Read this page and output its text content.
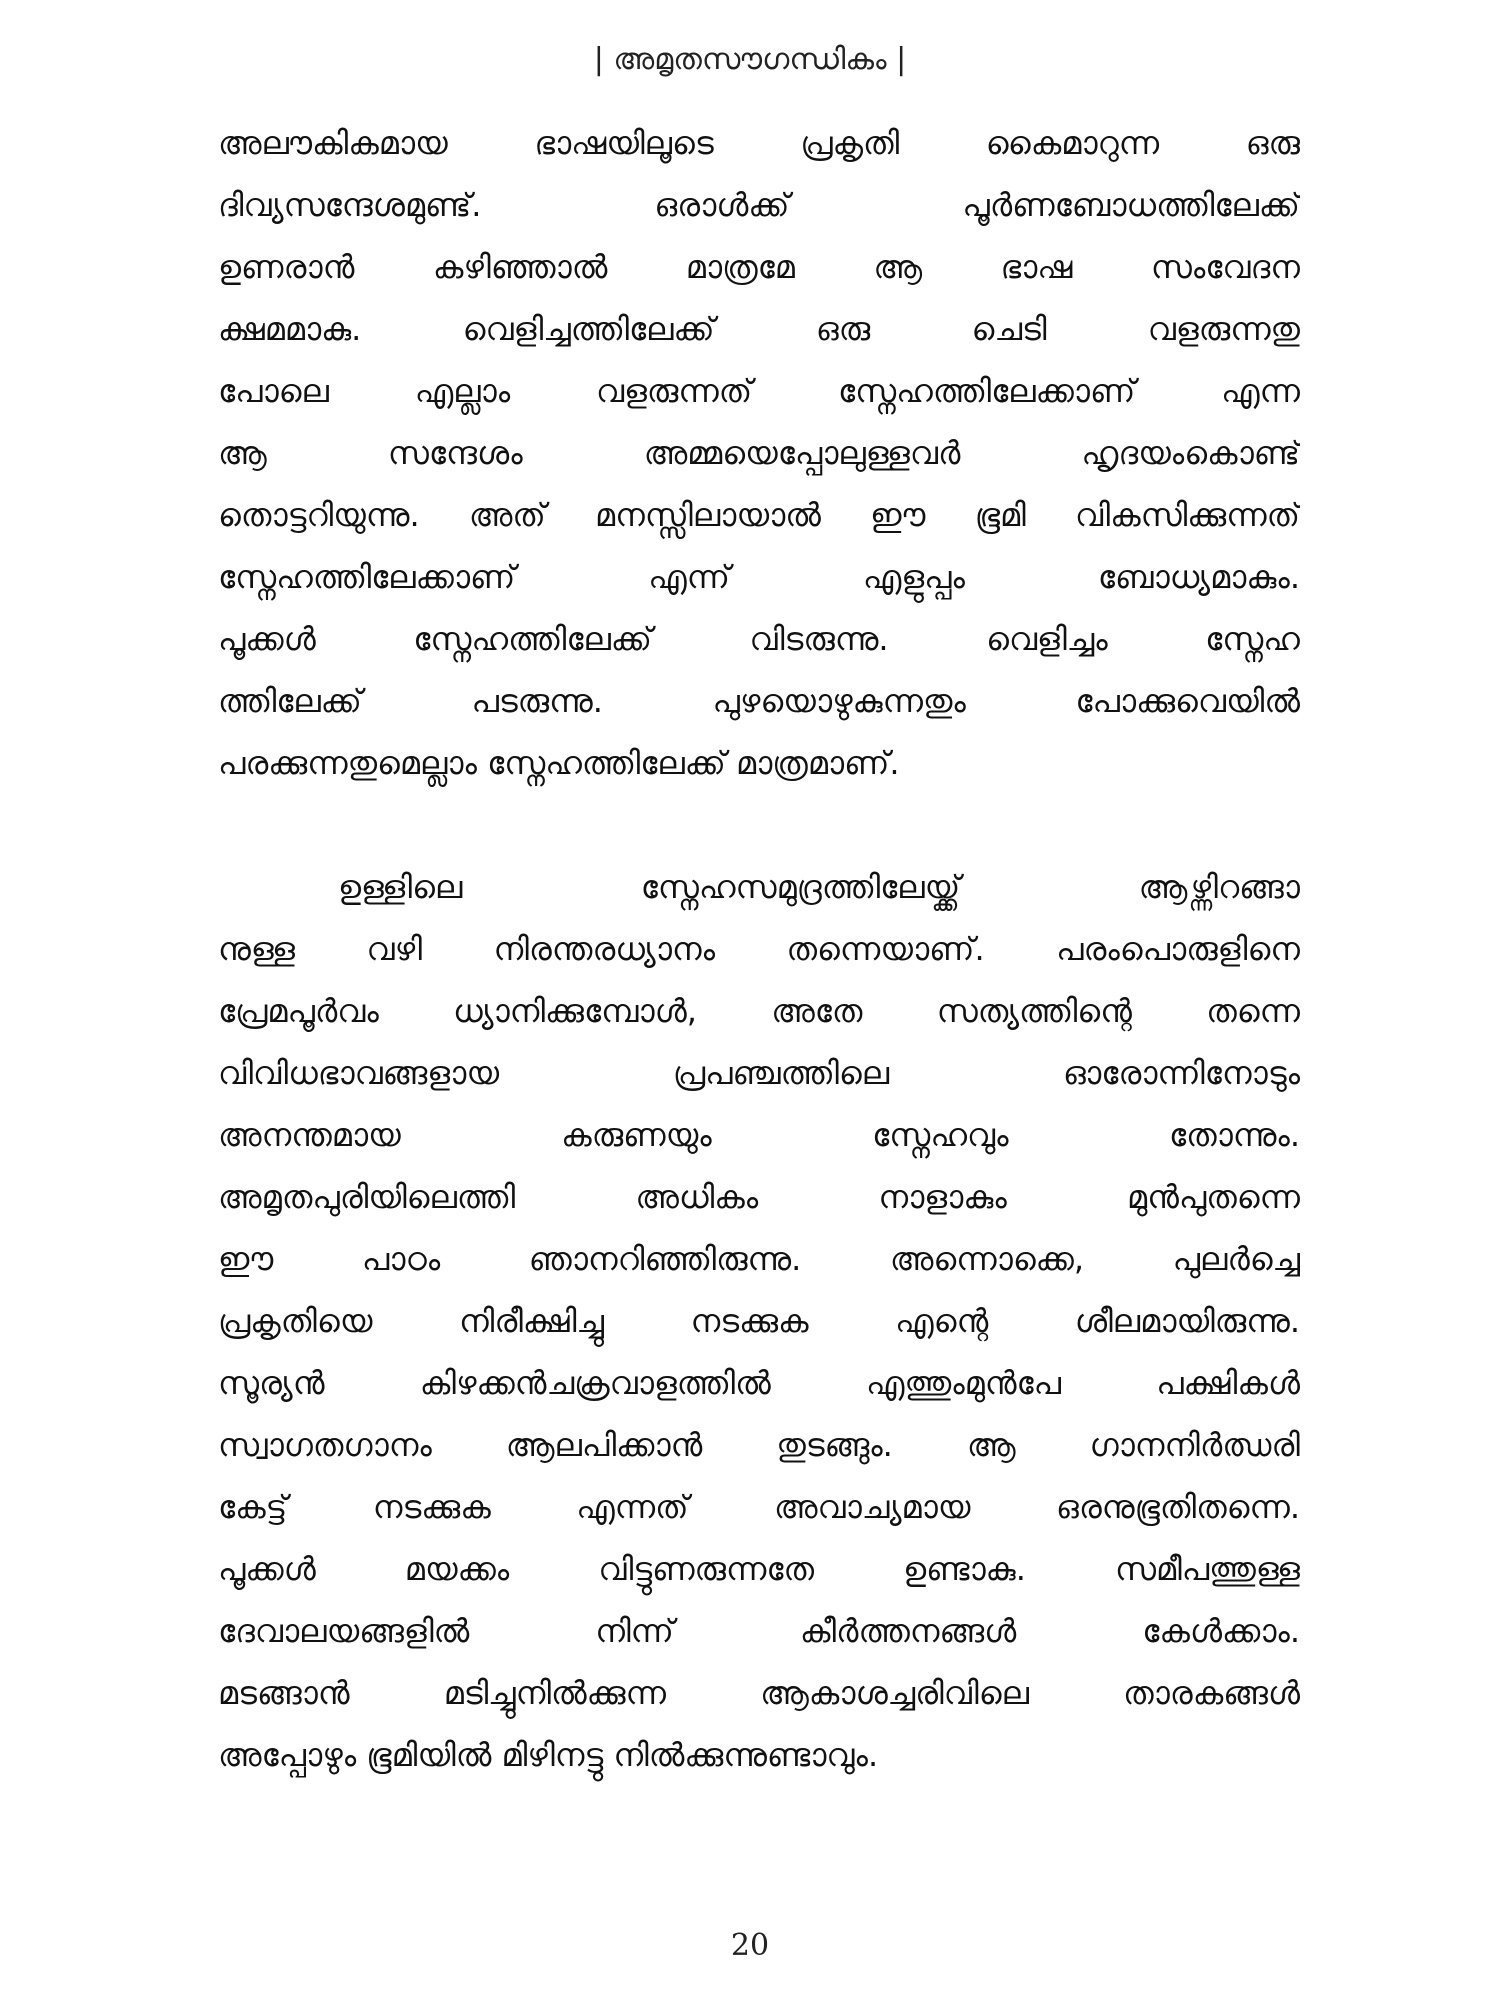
| അമൃതസൗഗന്ധികം |
അലൗകികമായ ഭാഷയിലൂടെ പ്രകൃതി കൈമാറുന്ന ഒരു
ദിവ്യസന്ദേശമുണ്ട്. ഒരാൾക്ക് പൂർണബോധത്തിലേക്ക്
ഉണരാൻ കഴിഞ്ഞാൽ മാത്രമേ ആ ഭാഷ സംവേദന
ക്ഷമമാകു. വെളിച്ചത്തിലേക്ക് ഒരു ചെടി വളരുന്നതു
പോലെ എല്ലാം വളരുന്നത് സ്നേഹത്തിലേക്കാണ് എന്ന
ആ സന്ദേശം അമ്മയെപ്പോലുള്ളവർ ഹൃദയംകൊണ്ട്
തൊട്ടറിയുന്നു. അത് മനസ്സിലായാൽ ഈ ഭൂമി വികസിക്കുന്നത്
സ്നേഹത്തിലേക്കാണ് എന്ന് എളുപ്പം ബോധ്യമാകും.
പൂക്കൾ സ്നേഹത്തിലേക്ക് വിടരുന്നു. വെളിച്ചം സ്നേഹ
ത്തിലേക്ക് പടരുന്നു. പുഴയൊഴുകുന്നതും പോക്കുവെയിൽ
പരക്കുന്നതുമെല്ലാം സ്നേഹത്തിലേക്ക് മാത്രമാണ്.
ഉള്ളിലെ സ്നേഹസമുദ്രത്തിലേയ്ക്ക് ആഴ്ന്നിറങ്ങാ
നുള്ള വഴി നിരന്തരധ്യാനം തന്നെയാണ്. പരംപൊരുളിനെ
പ്രേമപൂർവം ധ്യാനിക്കുമ്പോൾ, അതേ സത്യത്തിന്റെ തന്നെ
വിവിധഭാവങ്ങളായ പ്രപഞ്ചത്തിലെ ഓരോന്നിനോടും
അനന്തമായ കരുണയും സ്നേഹവും തോന്നും.
അമൃതപുരിയിലെത്തി അധികം നാളാകും മുൻപുതന്നെ
ഈ പാഠം ഞാനറിഞ്ഞിരുന്നു. അന്നൊക്കെ, പുലർച്ചെ
പ്രകൃതിയെ നിരീക്ഷിച്ചു നടക്കുക എന്റെ ശീലമായിരുന്നു.
സൂര്യൻ കിഴക്കൻചക്രവാളത്തിൽ എത്തുംമുൻപേ പക്ഷികൾ
സ്വാഗതഗാനം ആലപിക്കാൻ തുടങ്ങും. ആ ഗാനനിർഝരി
കേട്ട് നടക്കുക എന്നത് അവാച്യമായ ഒരനുഭൂതിതന്നെ.
പൂക്കൾ മയക്കം വിട്ടുണരുന്നതേ ഉണ്ടാകു. സമീപത്തുള്ള
ദേവാലയങ്ങളിൽ നിന്ന് കീർത്തനങ്ങൾ കേൾക്കാം.
മടങ്ങാൻ മടിച്ചുനിൽക്കുന്ന ആകാശച്ചരിവിലെ താരകങ്ങൾ
അപ്പോഴും ഭൂമിയിൽ മിഴിനട്ടു നിൽക്കുന്നുണ്ടാവും.
20
